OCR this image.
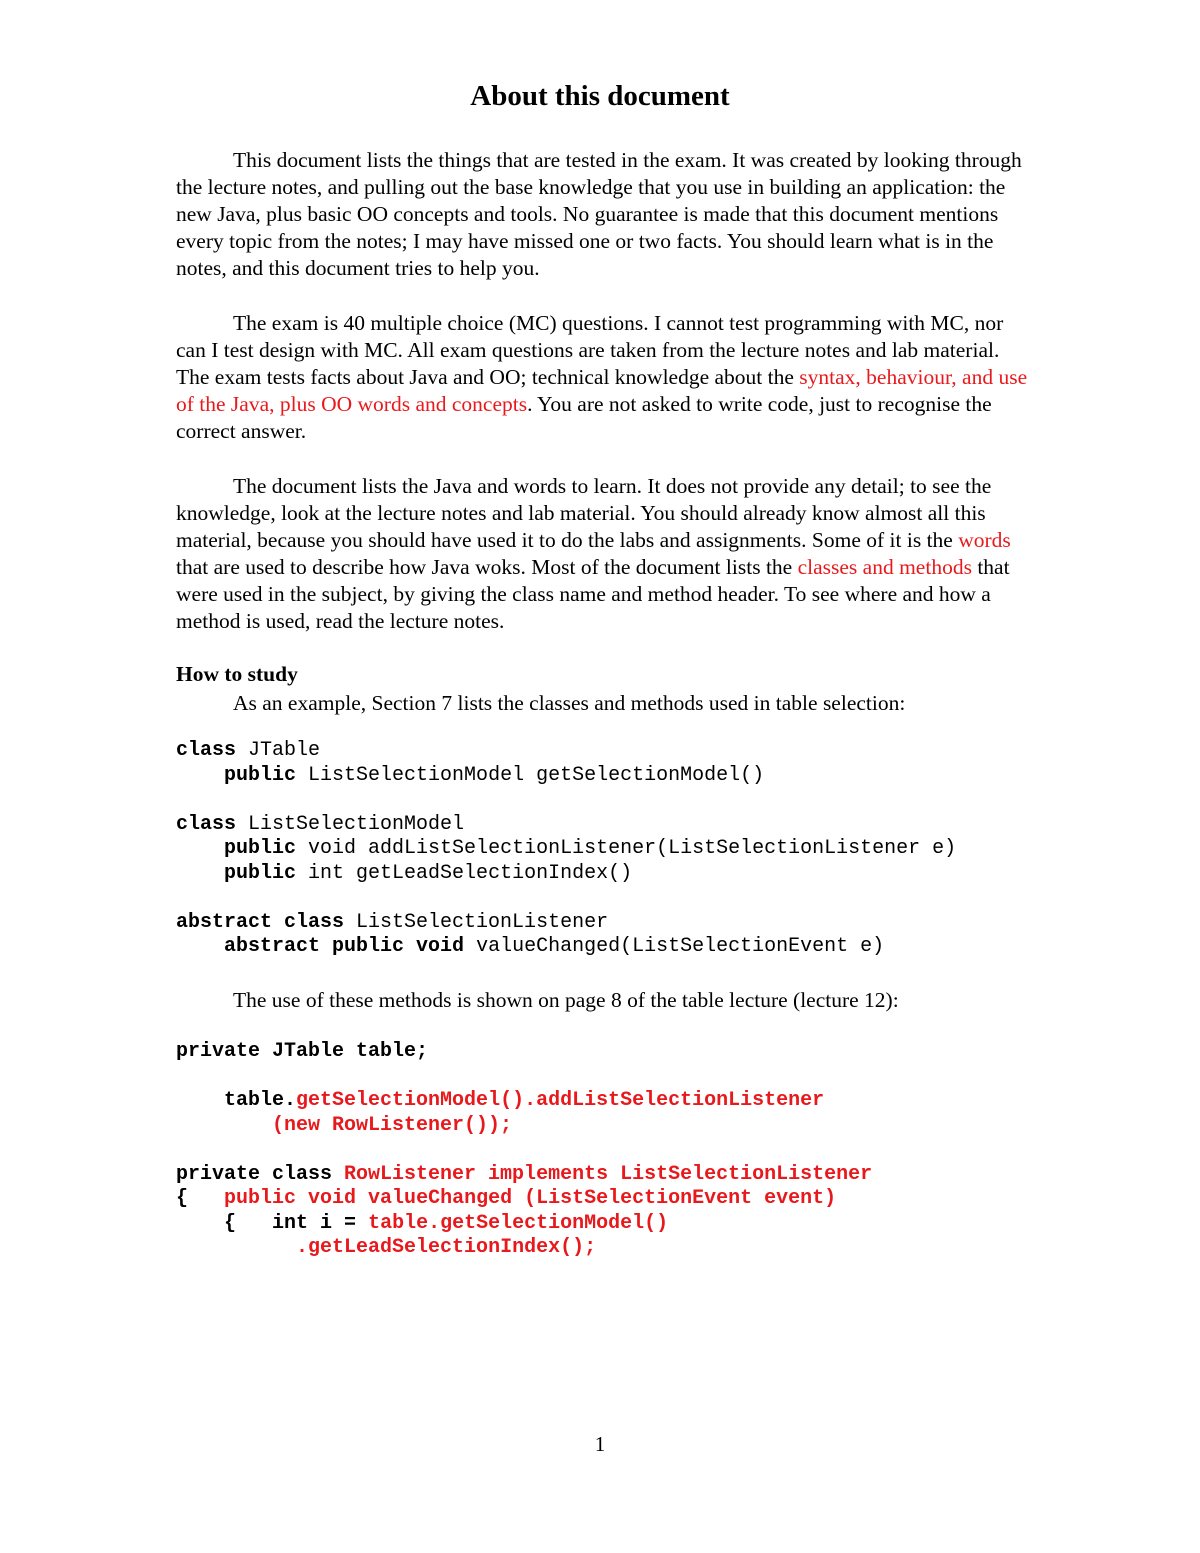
About this document

This document lists the things that are tested in the exam. It was created by looking through the lecture notes, and pulling out the base knowledge that you use in building an application: the new Java, plus basic OO concepts and tools. No guarantee is made that this document mentions every topic from the notes; I may have missed one or two facts. You should learn what is in the notes, and this document tries to help you.

The exam is 40 multiple choice (MC) questions. I cannot test programming with MC, nor can I test design with MC. All exam questions are taken from the lecture notes and lab material. The exam tests facts about Java and OO; technical knowledge about the syntax, behaviour, and use of the Java, plus OO words and concepts. You are not asked to write code, just to recognise the correct answer.

The document lists the Java and words to learn. It does not provide any detail; to see the knowledge, look at the lecture notes and lab material. You should already know almost all this material, because you should have used it to do the labs and assignments. Some of it is the words that are used to describe how Java woks. Most of the document lists the classes and methods that were used in the subject, by giving the class name and method header. To see where and how a method is used, read the lecture notes.

How to study
As an example, Section 7 lists the classes and methods used in table selection:
class JTable
public ListSelectionModel getSelectionModel()

class ListSelectionModel
public void addListSelectionListener(ListSelectionListener e)
public int getLeadSelectionIndex()

abstract class ListSelectionListener
abstract public void valueChanged(ListSelectionEvent e)
The use of these methods is shown on page 8 of the table lecture (lecture 12):
private JTable table;

table.getSelectionModel().addListSelectionListener
(new RowListener());

private class RowListener implements ListSelectionListener
{ public void valueChanged (ListSelectionEvent event)
{ int i = table.getSelectionModel()
.getLeadSelectionIndex();
1
